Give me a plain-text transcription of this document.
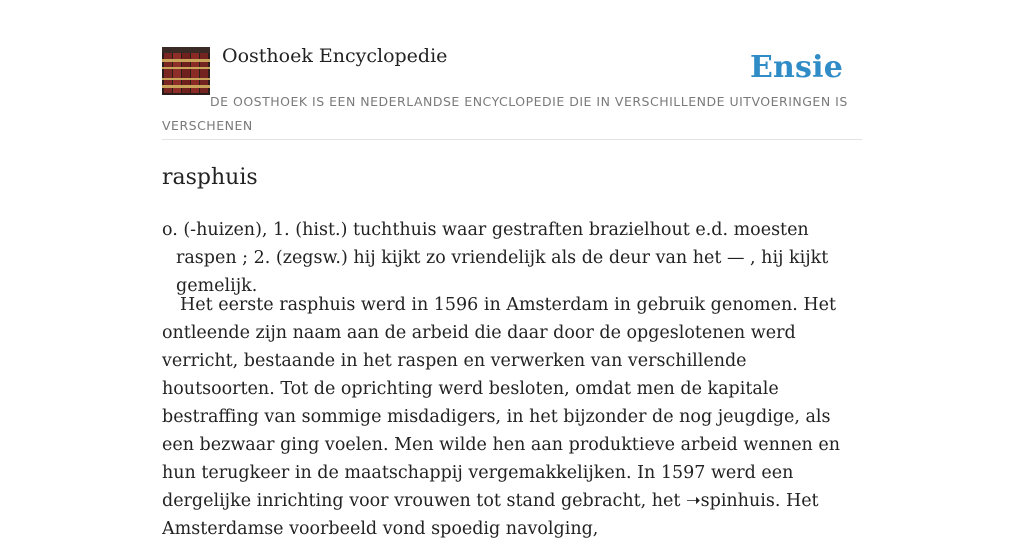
Oosthoek Encyclopedie	Ensie

DE OOSTHOEK IS EEN NEDERLANDSE ENCYCLOPEDIE DIE IN VERSCHILLENDE UITVOERINGEN IS VERSCHENEN

rasphuis

o. (-huizen), 1. (hist.) tuchthuis waar gestraften brazielhout e.d. moesten raspen ; 2. (zegsw.) hij kijkt zo vriendelijk als de deur van het — , hij kijkt gemelijk.

Het eerste rasphuis werd in 1596 in Amsterdam in gebruik genomen. Het ontleende zijn naam aan de arbeid die daar door de opgeslotenen werd verricht, bestaande in het raspen en verwerken van verschillende houtsoorten. Tot de oprichting werd besloten, omdat men de kapitale bestraffing van sommige misdadigers, in het bijzonder de nog jeugdige, als een bezwaar ging voelen. Men wilde hen aan produktieve arbeid wennen en hun terugkeer in de maatschappij vergemakkelijken. In 1597 werd een dergelijke inrichting voor vrouwen tot stand gebracht, het ➝spinhuis. Het Amsterdamse voorbeeld vond spoedig navolging,
